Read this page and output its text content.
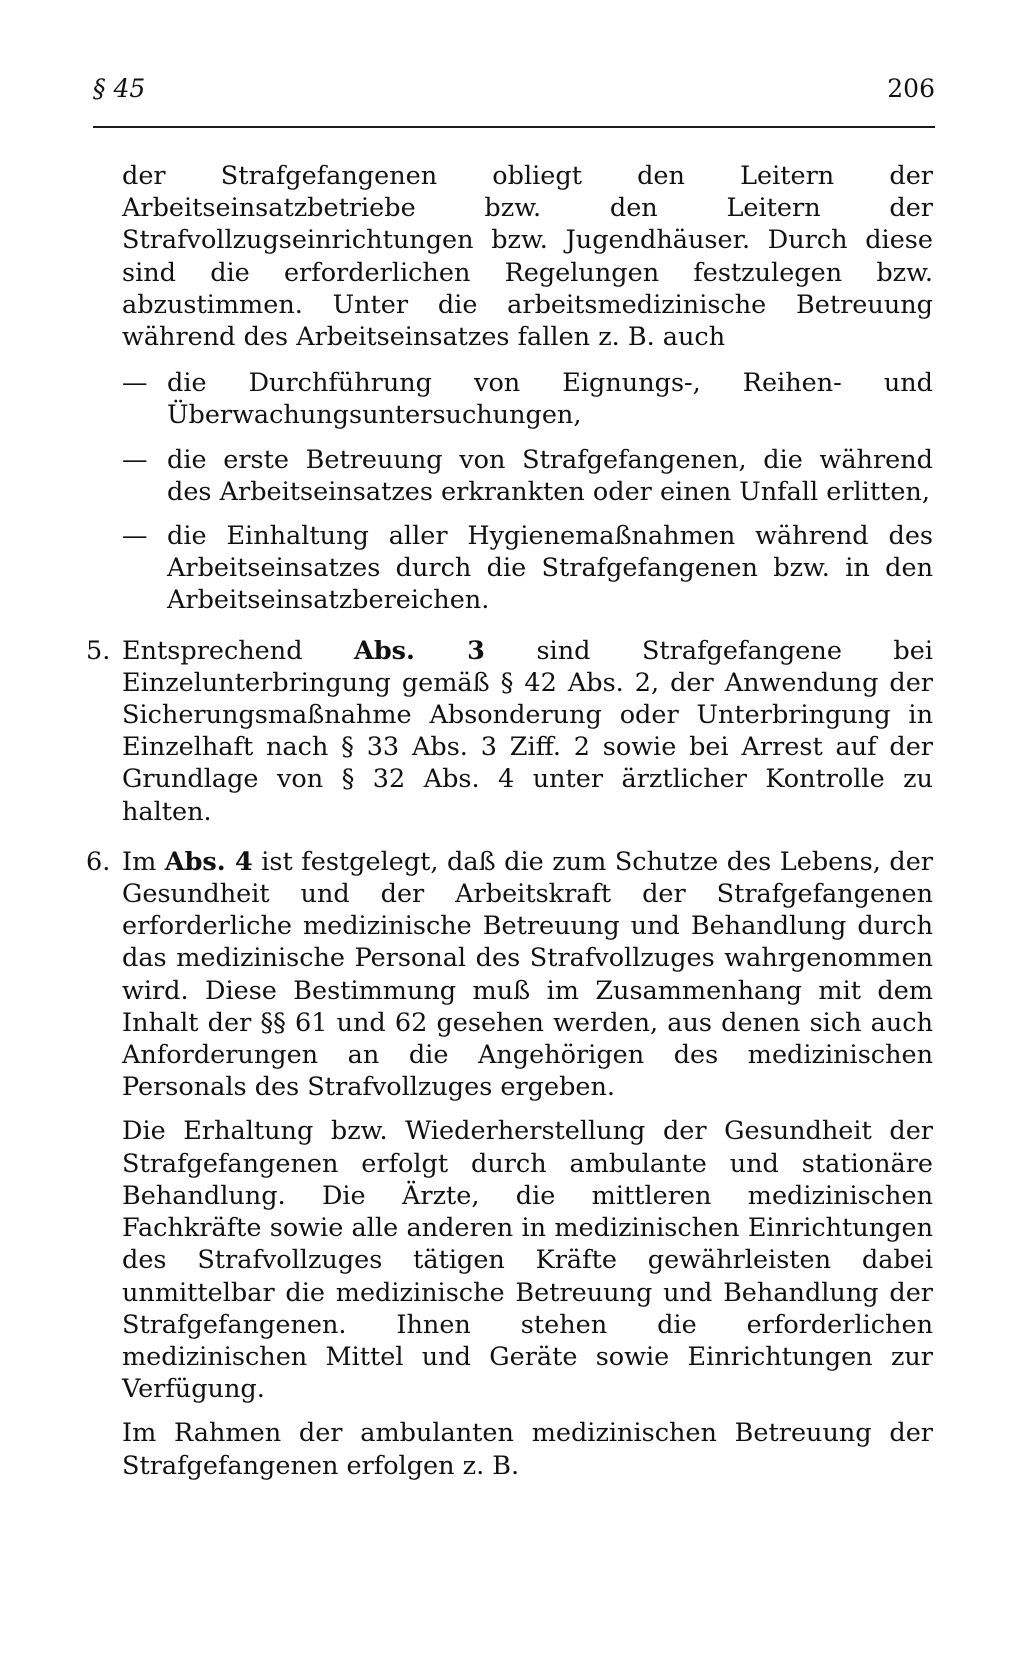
§ 45	206

der Strafgefangenen obliegt den Leitern der Arbeitseinsatzbetriebe bzw. den Leitern der Strafvollzugseinrichtungen bzw. Jugendhäuser. Durch diese sind die erforderlichen Regelungen festzulegen bzw. abzustimmen. Unter die arbeitsmedizinische Betreuung während des Arbeitseinsatzes fallen z. B. auch

— die Durchführung von Eignungs-, Reihen- und Überwachungsuntersuchungen,
— die erste Betreuung von Strafgefangenen, die während des Arbeitseinsatzes erkrankten oder einen Unfall erlitten,
— die Einhaltung aller Hygienemaßnahmen während des Arbeitseinsatzes durch die Strafgefangenen bzw. in den Arbeitseinsatzbereichen.
5. Entsprechend Abs. 3 sind Strafgefangene bei Einzelunterbringung gemäß § 42 Abs. 2, der Anwendung der Sicherungsmaßnahme Absonderung oder Unterbringung in Einzelhaft nach § 33 Abs. 3 Ziff. 2 sowie bei Arrest auf der Grundlage von § 32 Abs. 4 unter ärztlicher Kontrolle zu halten.

6. Im Abs. 4 ist festgelegt, daß die zum Schutze des Lebens, der Gesundheit und der Arbeitskraft der Strafgefangenen erforderliche medizinische Betreuung und Behandlung durch das medizinische Personal des Strafvollzuges wahrgenommen wird. Diese Bestimmung muß im Zusammenhang mit dem Inhalt der §§ 61 und 62 gesehen werden, aus denen sich auch Anforderungen an die Angehörigen des medizinischen Personals des Strafvollzuges ergeben.

Die Erhaltung bzw. Wiederherstellung der Gesundheit der Strafgefangenen erfolgt durch ambulante und stationäre Behandlung. Die Ärzte, die mittleren medizinischen Fachkräfte sowie alle anderen in medizinischen Einrichtungen des Strafvollzuges tätigen Kräfte gewährleisten dabei unmittelbar die medizinische Betreuung und Behandlung der Strafgefangenen. Ihnen stehen die erforderlichen medizinischen Mittel und Geräte sowie Einrichtungen zur Verfügung.

Im Rahmen der ambulanten medizinischen Betreuung der Strafgefangenen erfolgen z. B.
